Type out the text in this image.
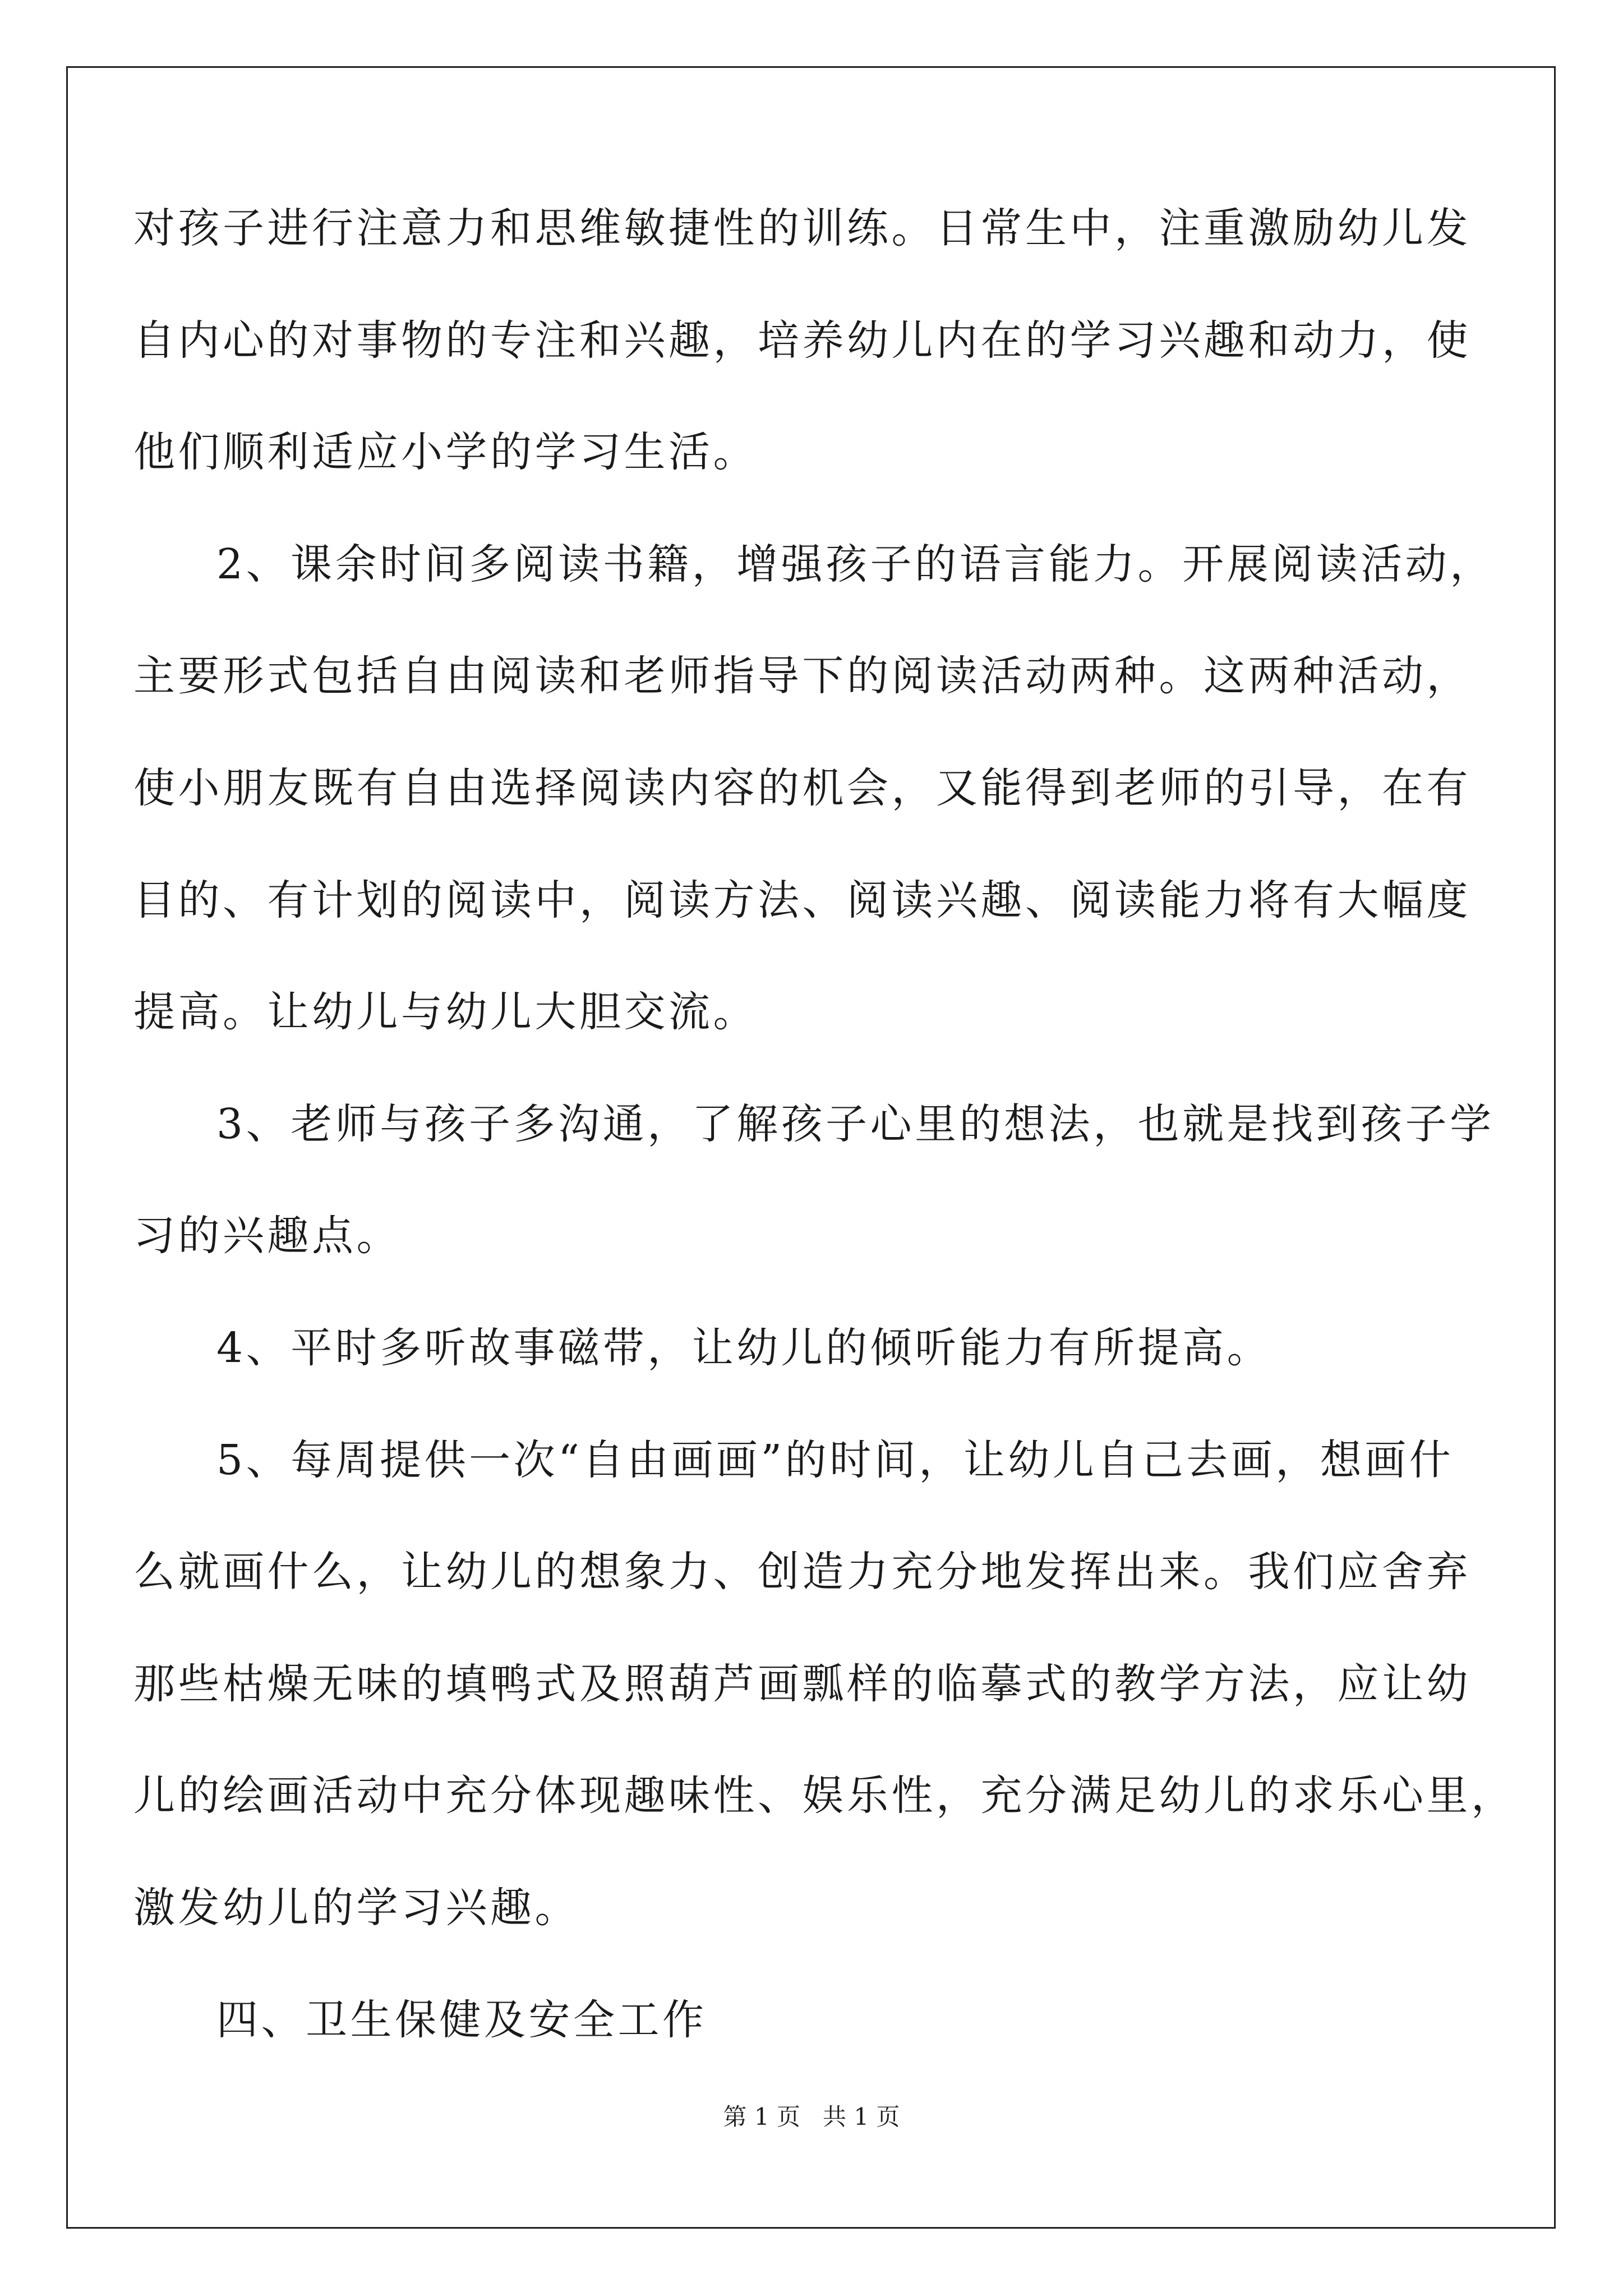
对孩子进行注意力和思维敏捷性的训练。日常生中，注重激励幼儿发

自内心的对事物的专注和兴趣，培养幼儿内在的学习兴趣和动力，使

他们顺利适应小学的学习生活。

2、课余时间多阅读书籍，增强孩子的语言能力。开展阅读活动，

主要形式包括自由阅读和老师指导下的阅读活动两种。这两种活动，

使小朋友既有自由选择阅读内容的机会，又能得到老师的引导，在有

目的、有计划的阅读中，阅读方法、阅读兴趣、阅读能力将有大幅度

提高。让幼儿与幼儿大胆交流。

3、老师与孩子多沟通，了解孩子心里的想法，也就是找到孩子学

习的兴趣点。

4、平时多听故事磁带，让幼儿的倾听能力有所提高。

5、每周提供一次“自由画画”的时间，让幼儿自己去画，想画什

么就画什么，让幼儿的想象力、创造力充分地发挥出来。我们应舍弃

那些枯燥无味的填鸭式及照葫芦画瓢样的临摹式的教学方法，应让幼

儿的绘画活动中充分体现趣味性、娱乐性，充分满足幼儿的求乐心里，

激发幼儿的学习兴趣。

四、卫生保健及安全工作

第 1 页   共 1 页
